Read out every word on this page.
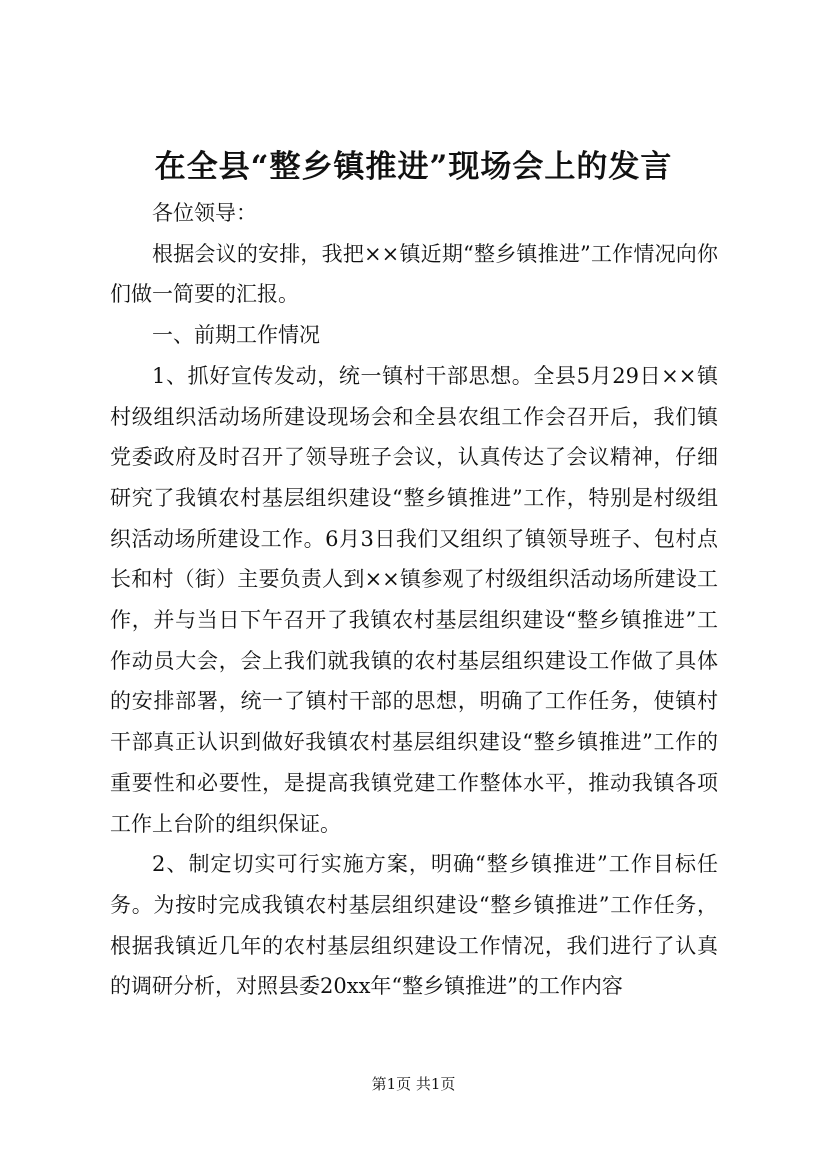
在全县“整乡镇推进”现场会上的发言

各位领导：

根据会议的安排，我把××镇近期“整乡镇推进”工作情况向你们做一简要的汇报。

一、前期工作情况

1、抓好宣传发动，统一镇村干部思想。全县5月29日××镇村级组织活动场所建设现场会和全县农组工作会召开后，我们镇党委政府及时召开了领导班子会议，认真传达了会议精神，仔细研究了我镇农村基层组织建设“整乡镇推进”工作，特别是村级组织活动场所建设工作。6月3日我们又组织了镇领导班子、包村点长和村（街）主要负责人到××镇参观了村级组织活动场所建设工作，并与当日下午召开了我镇农村基层组织建设“整乡镇推进”工作动员大会，会上我们就我镇的农村基层组织建设工作做了具体的安排部署，统一了镇村干部的思想，明确了工作任务，使镇村干部真正认识到做好我镇农村基层组织建设“整乡镇推进”工作的重要性和必要性，是提高我镇党建工作整体水平，推动我镇各项工作上台阶的组织保证。

2、制定切实可行实施方案，明确“整乡镇推进”工作目标任务。为按时完成我镇农村基层组织建设“整乡镇推进”工作任务，根据我镇近几年的农村基层组织建设工作情况，我们进行了认真的调研分析，对照县委20xx年“整乡镇推进”的工作内容

第1页 共1页
